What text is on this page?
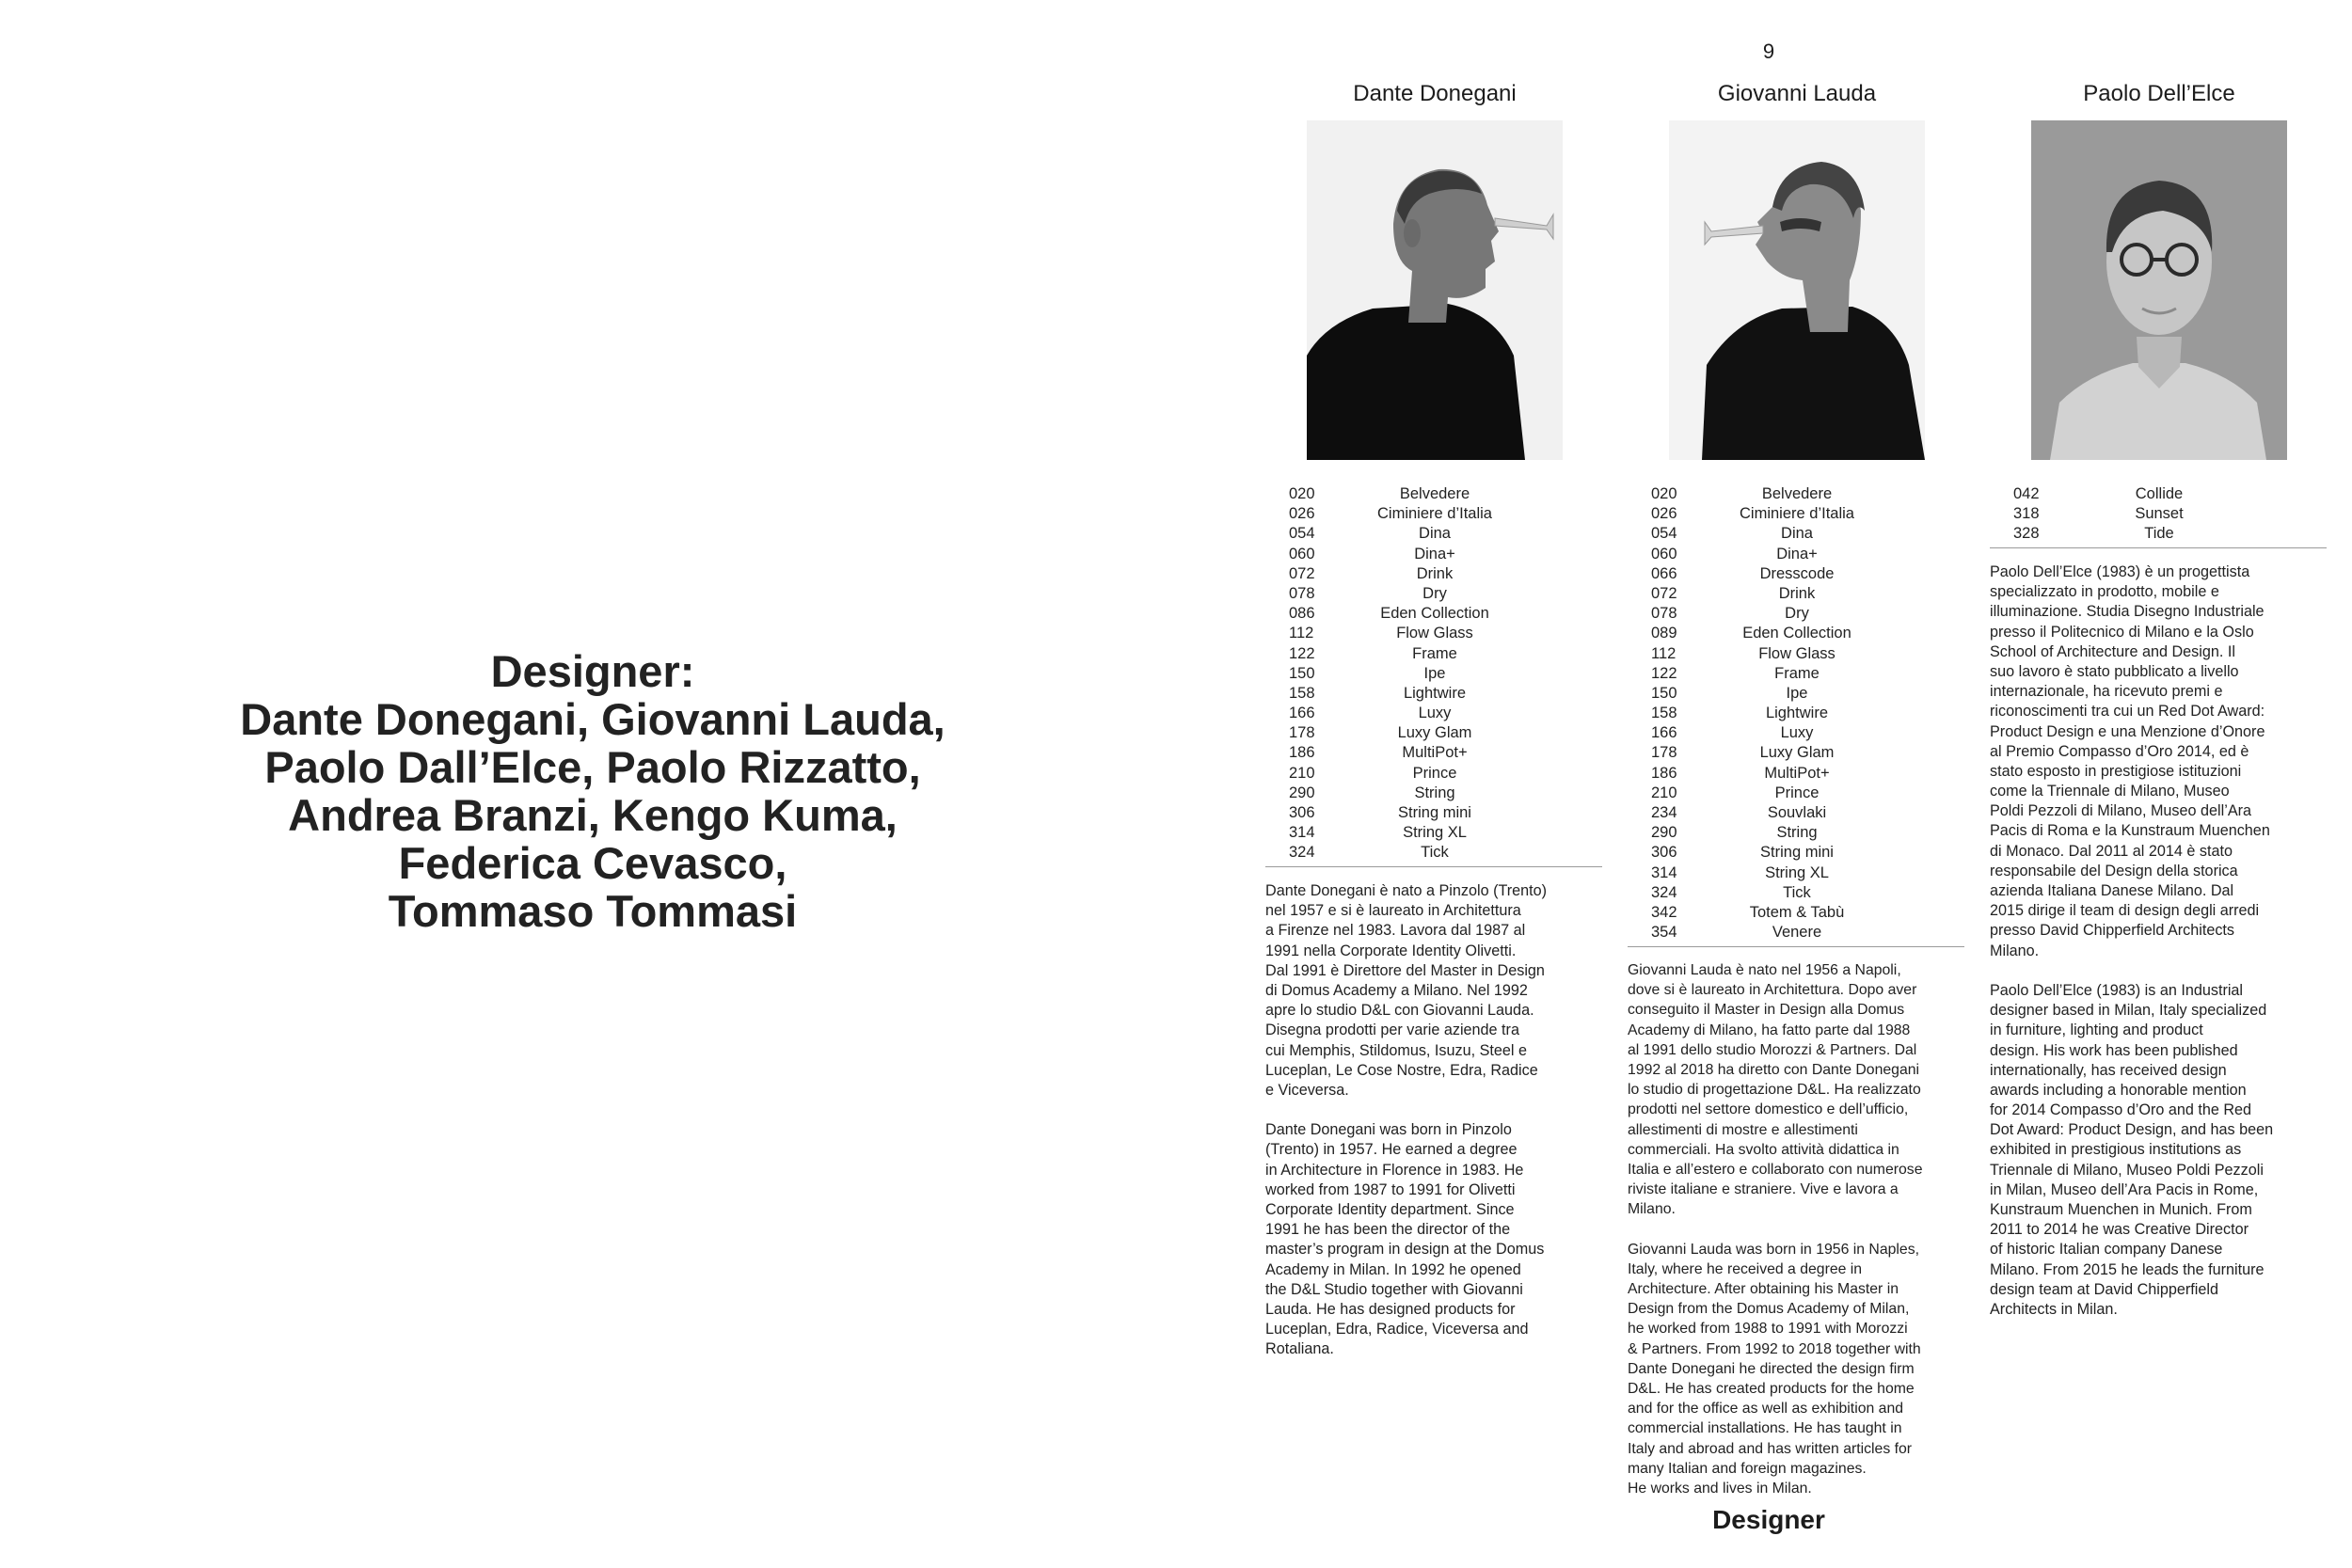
Designer:
Dante Donegani, Giovanni Lauda,
Paolo Dall’Elce, Paolo Rizzatto,
Andrea Branzi, Kengo Kuma,
Federica Cevasco,
Tommaso Tommasi
9
Dante Donegani
020	Belvedere
026	Ciminiere d’Italia
054	Dina
060	Dina+
072	Drink
078	Dry
086	Eden Collection
112	Flow Glass
122	Frame
150	Ipe
158	Lightwire
166	Luxy
178	Luxy Glam
186	MultiPot+
210	Prince
290	String
306	String mini
314	String XL
324	Tick
Dante Donegani è nato a Pinzolo (Trento)
nel 1957 e si è laureato in Architettura
a Firenze nel 1983. Lavora dal 1987 al
1991 nella Corporate Identity Olivetti.
Dal 1991 è Direttore del Master in Design
di Domus Academy a Milano. Nel 1992
apre lo studio D&L con Giovanni Lauda.
Disegna prodotti per varie aziende tra
cui Memphis, Stildomus, Isuzu, Steel e
Luceplan, Le Cose Nostre, Edra, Radice
e Viceversa.
Dante Donegani was born in Pinzolo
(Trento) in 1957. He earned a degree
in Architecture in Florence in 1983. He
worked from 1987 to 1991 for Olivetti
Corporate Identity department. Since
1991 he has been the director of the
master’s program in design at the Domus
Academy in Milan. In 1992 he opened
the D&L Studio together with Giovanni
Lauda. He has designed products for
Luceplan, Edra, Radice, Viceversa and
Rotaliana.
Giovanni Lauda
020	Belvedere
026	Ciminiere d’Italia
054	Dina
060	Dina+
066	Dresscode
072	Drink
078	Dry
089	Eden Collection
112	Flow Glass
122	Frame
150	Ipe
158	Lightwire
166	Luxy
178	Luxy Glam
186	MultiPot+
210	Prince
234	Souvlaki
290	String
306	String mini
314	String XL
324	Tick
342	Totem & Tabù
354	Venere
Giovanni Lauda è nato nel 1956 a Napoli,
dove si è laureato in Architettura. Dopo aver
conseguito il Master in Design alla Domus
Academy di Milano, ha fatto parte dal 1988
al 1991 dello studio Morozzi & Partners. Dal
1992 al 2018 ha diretto con Dante Donegani
lo studio di progettazione D&L. Ha realizzato
prodotti nel settore domestico e dell’ufficio,
allestimenti di mostre e allestimenti
commerciali. Ha svolto attività didattica in
Italia e all’estero e collaborato con numerose
riviste italiane e straniere. Vive e lavora a
Milano.
Giovanni Lauda was born in 1956 in Naples,
Italy, where he received a degree in
Architecture. After obtaining his Master in
Design from the Domus Academy of Milan,
he worked from 1988 to 1991 with Morozzi
& Partners. From 1992 to 2018 together with
Dante Donegani he directed the design firm
D&L. He has created products for the home
and for the office as well as exhibition and
commercial installations. He has taught in
Italy and abroad and has written articles for
many Italian and foreign magazines.
He works and lives in Milan.
Paolo Dell’Elce
042	Collide
318	Sunset
328	Tide
Paolo Dell’Elce (1983) è un progettista
specializzato in prodotto, mobile e
illuminazione. Studia Disegno Industriale
presso il Politecnico di Milano e la Oslo
School of Architecture and Design. Il
suo lavoro è stato pubblicato a livello
internazionale, ha ricevuto premi e
riconoscimenti tra cui un Red Dot Award:
Product Design e una Menzione d’Onore
al Premio Compasso d’Oro 2014, ed è
stato esposto in prestigiose istituzioni
come la Triennale di Milano, Museo
Poldi Pezzoli di Milano, Museo dell’Ara
Pacis di Roma e la Kunstraum Muenchen
di Monaco. Dal 2011 al 2014 è stato
responsabile del Design della storica
azienda Italiana Danese Milano. Dal
2015 dirige il team di design degli arredi
presso David Chipperfield Architects
Milano.
Paolo Dell’Elce (1983) is an Industrial
designer based in Milan, Italy specialized
in furniture, lighting and product
design. His work has been published
internationally, has received design
awards including a honorable mention
for 2014 Compasso d’Oro and the Red
Dot Award: Product Design, and has been
exhibited in prestigious institutions as
Triennale di Milano, Museo Poldi Pezzoli
in Milan, Museo dell’Ara Pacis in Rome,
Kunstraum Muenchen in Munich. From
2011 to 2014 he was Creative Director
of historic Italian company Danese
Milano. From 2015 he leads the furniture
design team at David Chipperfield
Architects in Milan.
Designer
